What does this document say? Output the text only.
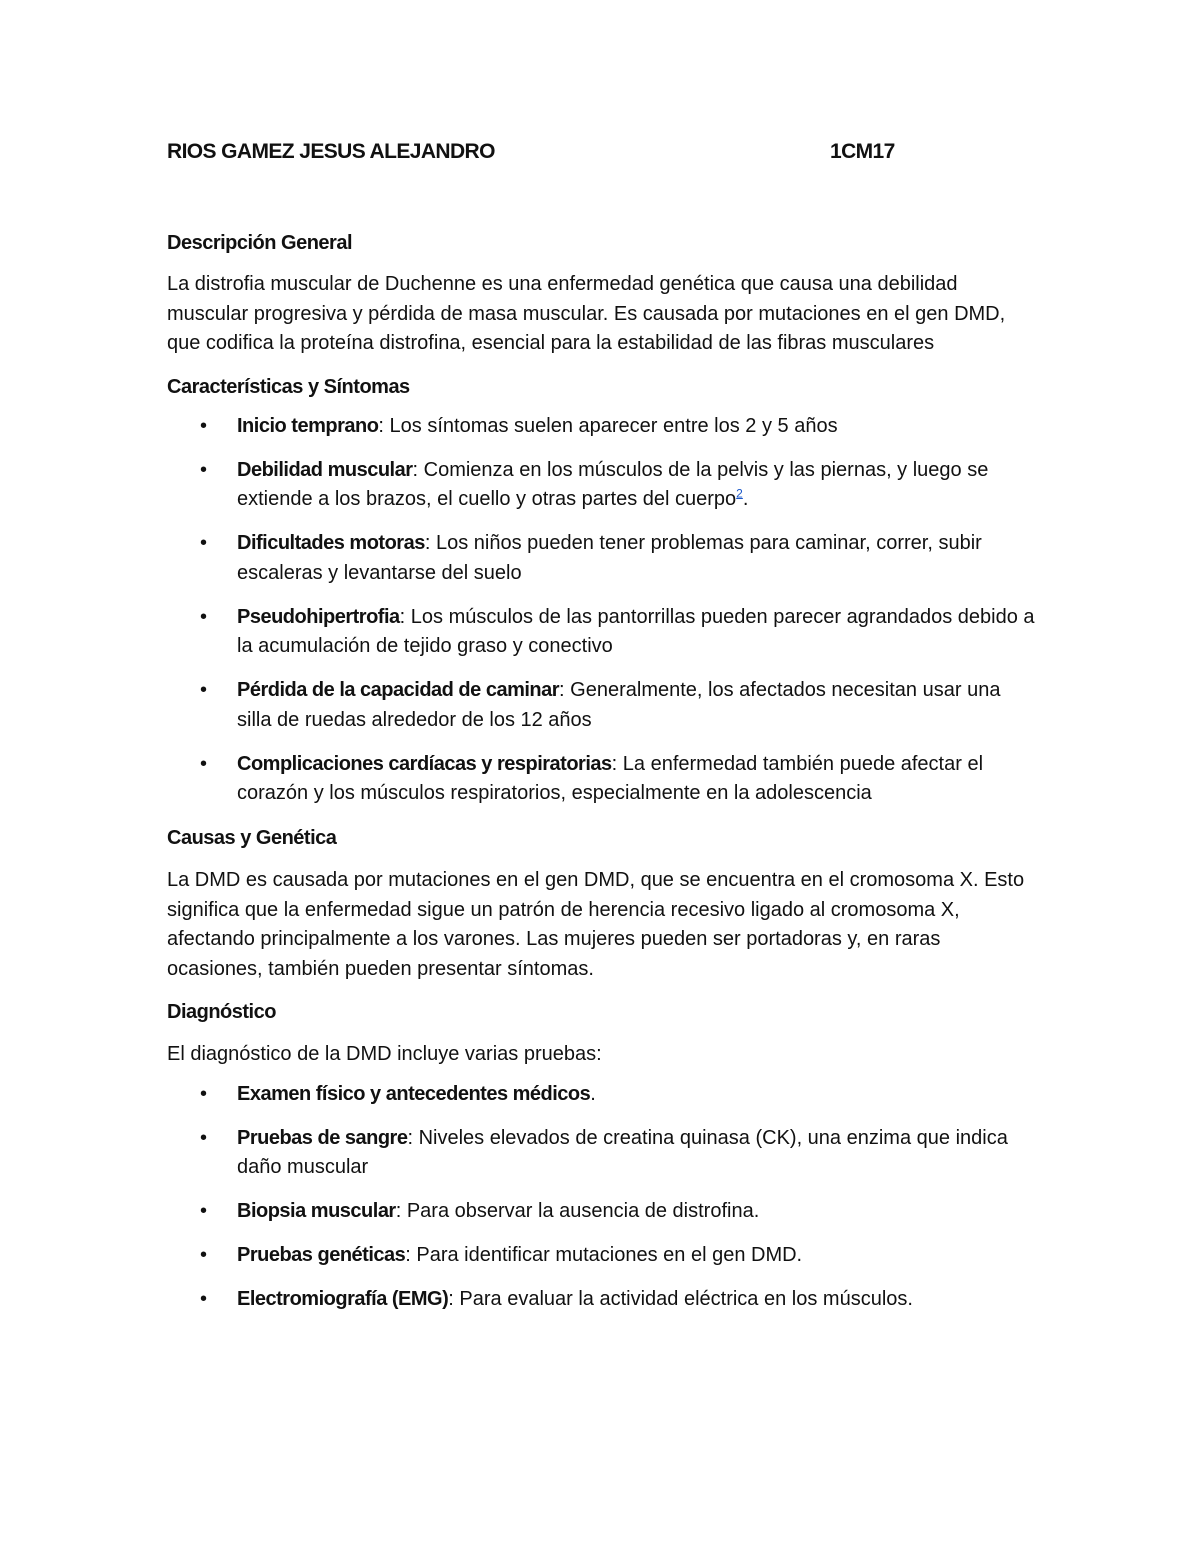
RIOS GAMEZ JESUS ALEJANDRO	1CM17
Descripción General

La distrofia muscular de Duchenne es una enfermedad genética que causa una debilidad muscular progresiva y pérdida de masa muscular. Es causada por mutaciones en el gen DMD, que codifica la proteína distrofina, esencial para la estabilidad de las fibras musculares

Características y Síntomas
• Inicio temprano: Los síntomas suelen aparecer entre los 2 y 5 años
• Debilidad muscular: Comienza en los músculos de la pelvis y las piernas, y luego se extiende a los brazos, el cuello y otras partes del cuerpo$^2$.
• Dificultades motoras: Los niños pueden tener problemas para caminar, correr, subir escaleras y levantarse del suelo
• Pseudohipertrofia: Los músculos de las pantorrillas pueden parecer agrandados debido a la acumulación de tejido graso y conectivo
• Pérdida de la capacidad de caminar: Generalmente, los afectados necesitan usar una silla de ruedas alrededor de los 12 años
• Complicaciones cardíacas y respiratorias: La enfermedad también puede afectar el corazón y los músculos respiratorios, especialmente en la adolescencia
Causas y Genética

La DMD es causada por mutaciones en el gen DMD, que se encuentra en el cromosoma X. Esto significa que la enfermedad sigue un patrón de herencia recesivo ligado al cromosoma X, afectando principalmente a los varones. Las mujeres pueden ser portadoras y, en raras ocasiones, también pueden presentar síntomas.

Diagnóstico

El diagnóstico de la DMD incluye varias pruebas:

• Examen físico y antecedentes médicos.
• Pruebas de sangre: Niveles elevados de creatina quinasa (CK), una enzima que indica daño muscular
• Biopsia muscular: Para observar la ausencia de distrofina.
• Pruebas genéticas: Para identificar mutaciones en el gen DMD.
• Electromiografía (EMG): Para evaluar la actividad eléctrica en los músculos.
